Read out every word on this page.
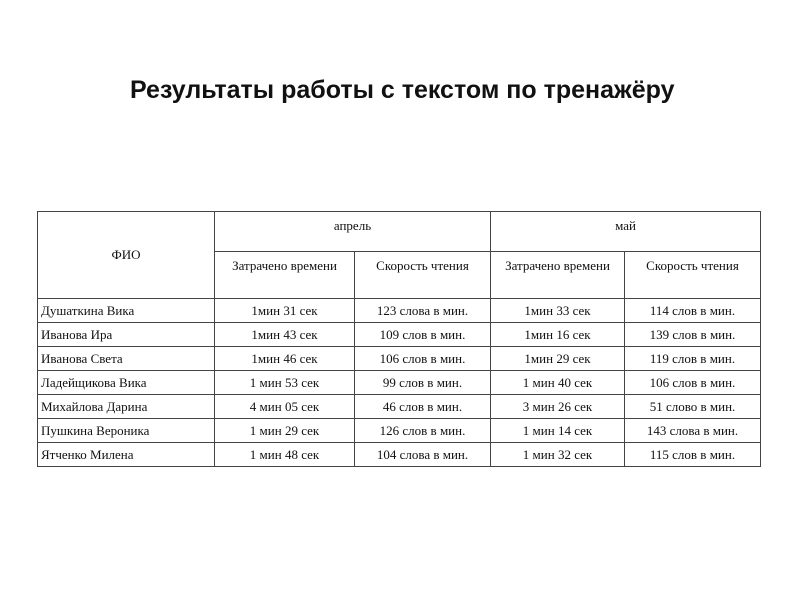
Результаты работы с текстом по тренажёру
ФИО	апрель		май	
	Затрачено времени	Скорость чтения	Затрачено времени	Скорость чтения
Душаткина Вика	1мин 31 сек	123 слова в мин.	1мин 33 сек	114 слов в мин.
Иванова Ира	1мин 43 сек	109 слов в мин.	1мин 16 сек	139 слов в мин.
Иванова Света	1мин 46 сек	106 слов в мин.	1мин 29 сек	119 слов в мин.
Ладейщикова Вика	1 мин 53 сек	99 слов в мин.	1 мин 40 сек	106 слов в мин.
Михайлова Дарина	4 мин 05 сек	46 слов в мин.	3 мин 26 сек	51 слово в мин.
Пушкина Вероника	1 мин 29 сек	126 слов в мин.	1 мин 14 сек	143 слова в мин.
Ятченко Милена	1 мин 48 сек	104 слова в мин.	1 мин 32 сек	115 слов в мин.
